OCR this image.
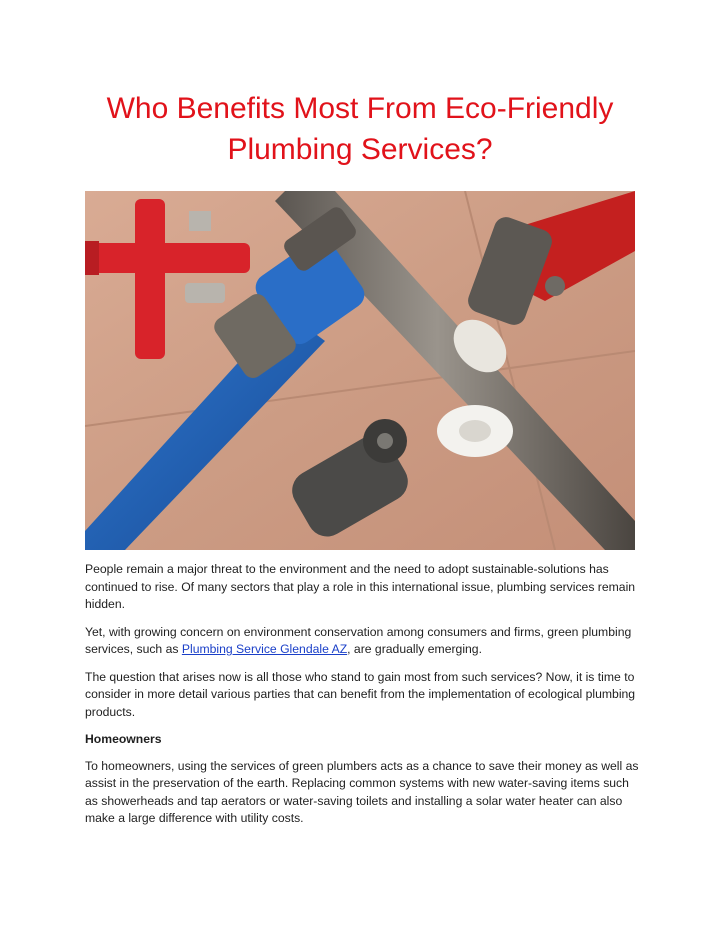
Who Benefits Most From Eco-Friendly
Plumbing Services?

People remain a major threat to the environment and the need to adopt sustainable-solutions has continued to rise. Of many sectors that play a role in this international issue, plumbing services remain hidden.

Yet, with growing concern on environment conservation among consumers and firms, green plumbing services, such as Plumbing Service Glendale AZ, are gradually emerging.

The question that arises now is all those who stand to gain most from such services? Now, it is time to consider in more detail various parties that can benefit from the implementation of ecological plumbing products.

Homeowners

To homeowners, using the services of green plumbers acts as a chance to save their money as well as assist in the preservation of the earth. Replacing common systems with new water-saving items such as showerheads and tap aerators or water-saving toilets and installing a solar water heater can also make a large difference with utility costs.
